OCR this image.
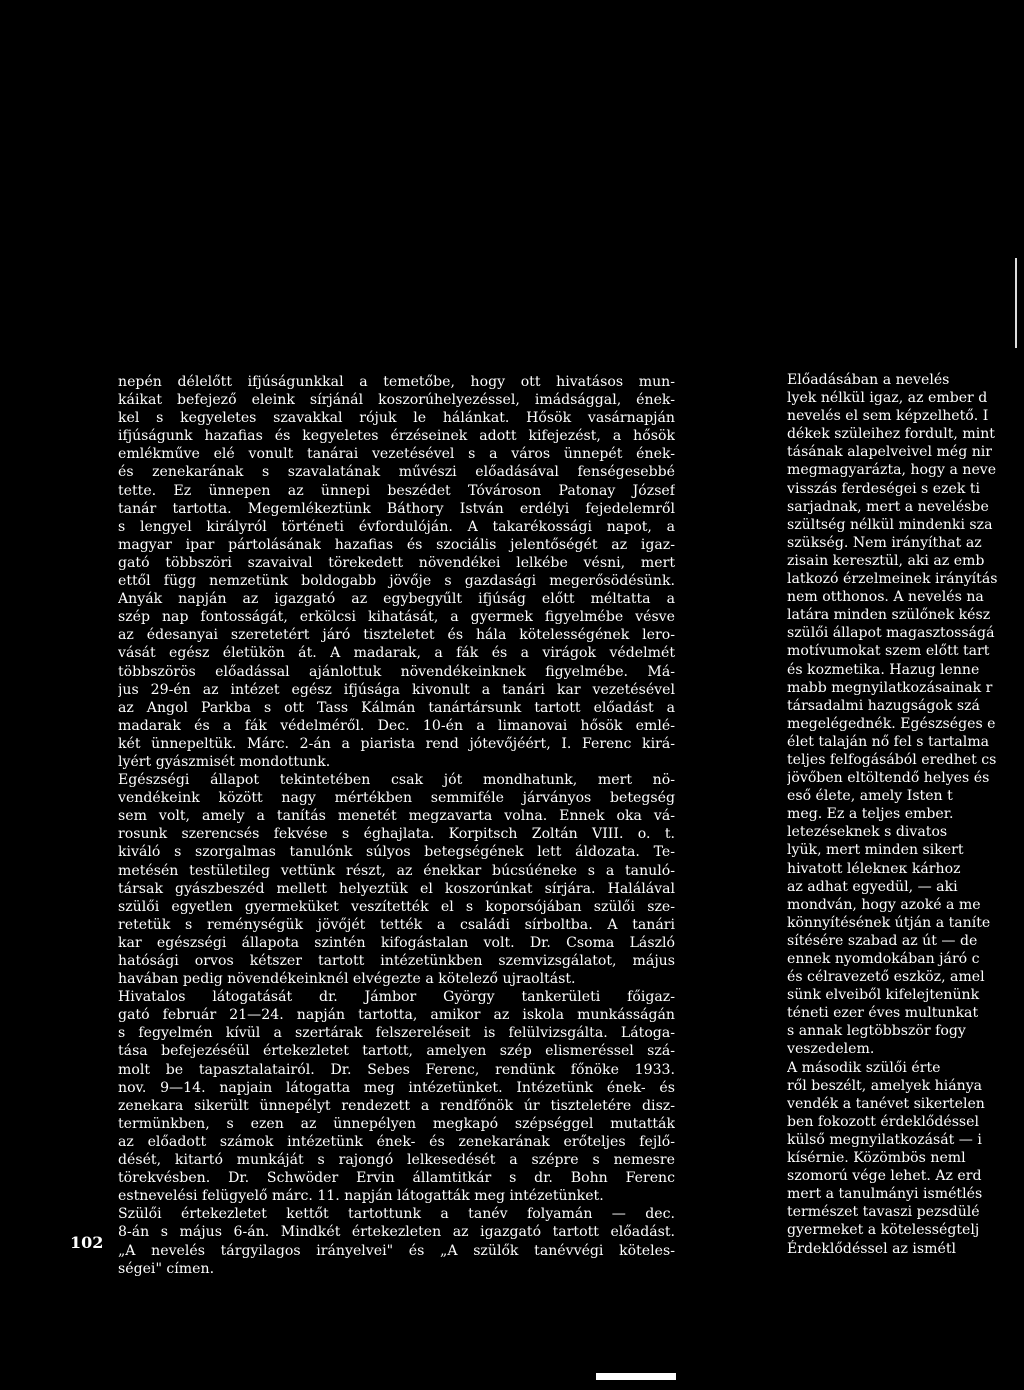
nepén délelőtt ifjúságunkkal a temetőbe, hogy ott hivatásos mun-
káikat befejező eleink sírjánál koszorúhelyezéssel, imádsággal, ének-
kel s kegyeletes szavakkal rójuk le hálánkat. Hősök vasárnapján
ifjúságunk hazafias és kegyeletes érzéseinek adott kifejezést, a hősök
emlékműve elé vonult tanárai vezetésével s a város ünnepét ének-
és zenekarának s szavalatának művészi előadásával fenségesebbé
tette. Ez ünnepen az ünnepi beszédet Tóvároson Patonay József
tanár tartotta. Megemlékeztünk Báthory István erdélyi fejedelemről
s lengyel királyról történeti évfordulóján. A takarékossági napot, a
magyar ipar pártolásának hazafias és szociális jelentőségét az igaz-
gató többszöri szavaival törekedett növendékei lelkébe vésni, mert
ettől függ nemzetünk boldogabb jövője s gazdasági megerősödésünk.
Anyák napján az igazgató az egybegyűlt ifjúság előtt méltatta a
szép nap fontosságát, erkölcsi kihatását, a gyermek figyelmébe vésve
az édesanyai szeretetért járó tiszteletet és hála kötelességének lero-
vását egész életükön át. A madarak, a fák és a virágok védelmét
többszörös előadással ajánlottuk növendékeinknek figyelmébe. Má-
jus 29-én az intézet egész ifjúsága kivonult a tanári kar vezetésével
az Angol Parkba s ott Tass Kálmán tanártársunk tartott előadást a
madarak és a fák védelméről. Dec. 10-én a limanovai hősök emlé-
két ünnepeltük. Márc. 2-án a piarista rend jótevőjéért, I. Ferenc kirá-
lyért gyászmisét mondottunk.
Egészségi állapot tekintetében csak jót mondhatunk, mert nö-
vendékeink között nagy mértékben semmiféle járványos betegség
sem volt, amely a tanítás menetét megzavarta volna. Ennek oka vá-
rosunk szerencsés fekvése s éghajlata. Korpitsch Zoltán VIII. o. t.
kiváló s szorgalmas tanulónk súlyos betegségének lett áldozata. Te-
metésén testületileg vettünk részt, az énekkar búcsúéneke s a tanuló-
társak gyászbeszéd mellett helyeztük el koszorúnkat sírjára. Halálával
szülői egyetlen gyermeküket veszítették el s koporsójában szülői sze-
retetük s reménységük jövőjét tették a családi sírboltba. A tanári
kar egészségi állapota szintén kifogástalan volt. Dr. Csoma László
hatósági orvos kétszer tartott intézetünkben szemvizsgálatot, május
havában pedig növendékeinknél elvégezte a kötelező ujraoltást.
Hivatalos látogatását dr. Jámbor György tankerületi főigaz-
gató február 21—24. napján tartotta, amikor az iskola munkásságán
s fegyelmén kívül a szertárak felszereléseit is felülvizsgálta. Látoga-
tása befejezéséül értekezletet tartott, amelyen szép elismeréssel szá-
molt be tapasztalatairól. Dr. Sebes Ferenc, rendünk főnöke 1933.
nov. 9—14. napjain látogatta meg intézetünket. Intézetünk ének- és
zenekara sikerült ünnepélyt rendezett a rendfőnök úr tiszteletére disz-
termünkben, s ezen az ünnepélyen megkapó szépséggel mutatták
az előadott számok intézetünk ének- és zenekarának erőteljes fejlő-
dését, kitartó munkáját s rajongó lelkesedését a szépre s nemesre
törekvésben. Dr. Schwöder Ervin államtitkár s dr. Bohn Ferenc
estnevelési felügyelő márc. 11. napján látogatták meg intézetünket.
Szülői értekezletet kettőt tartottunk a tanév folyamán — dec.
8-án s május 6-án. Mindkét értekezleten az igazgató tartott előadást.
„A nevelés tárgyilagos irányelvei" és „A szülők tanévvégi köteles-
ségei" címen.
Előadásában a nevelés
lyek nélkül igaz, az ember d
nevelés el sem képzelhető. I
dékek szüleihez fordult, mint
tásának alapelveivel még nir
megmagyarázta, hogy a neve
visszás ferdeségei s ezek ti
sarjadnak, mert a nevelésbe
szültség nélkül mindenki sza
szükség. Nem irányíthat az
zisain keresztül, aki az emb
latkozó érzelmeinek irányítás
nem otthonos. A nevelés na
latára minden szülőnek kész
szülői állapot magasztosságá
motívumokat szem előtt tart
és kozmetika. Hazug lenne
mabb megnyilatkozásainak r
társadalmi hazugságok szá
megelégednék. Egészséges e
élet talaján nő fel s tartalma
teljes felfogásából eredhet cs
jövőben eltöltendő helyes és
eső élete, amely Isten t
meg. Ez a teljes ember.
letezéseknek s divatos
lyük, mert minden sikert
hivatott lélekneк kárhoz
az adhat egyedül, — aki
mondván, hogy azoké a me
könnyítésének útján a taníte
sítésére szabad az út — de
ennek nyomdokában járó c
és célravezető eszköz, amel
sünk elveiből kifelejtenünk
téneti ezer éves multunkat
s annak legtöbbször fogy
veszedelem.
A második szülői érte
ről beszélt, amelyek hiánya
vendék a tanévet sikertelen
ben fokozott érdeklődéssel
külső megnyilatkozását — i
kísérnie. Közömbös neml
szomorú vége lehet. Az erd
mert a tanulmányi ismétlés
természet tavaszi pezsdülé
gyermeket a kötelességtelj
Érdeklődéssel az ismétl
102
